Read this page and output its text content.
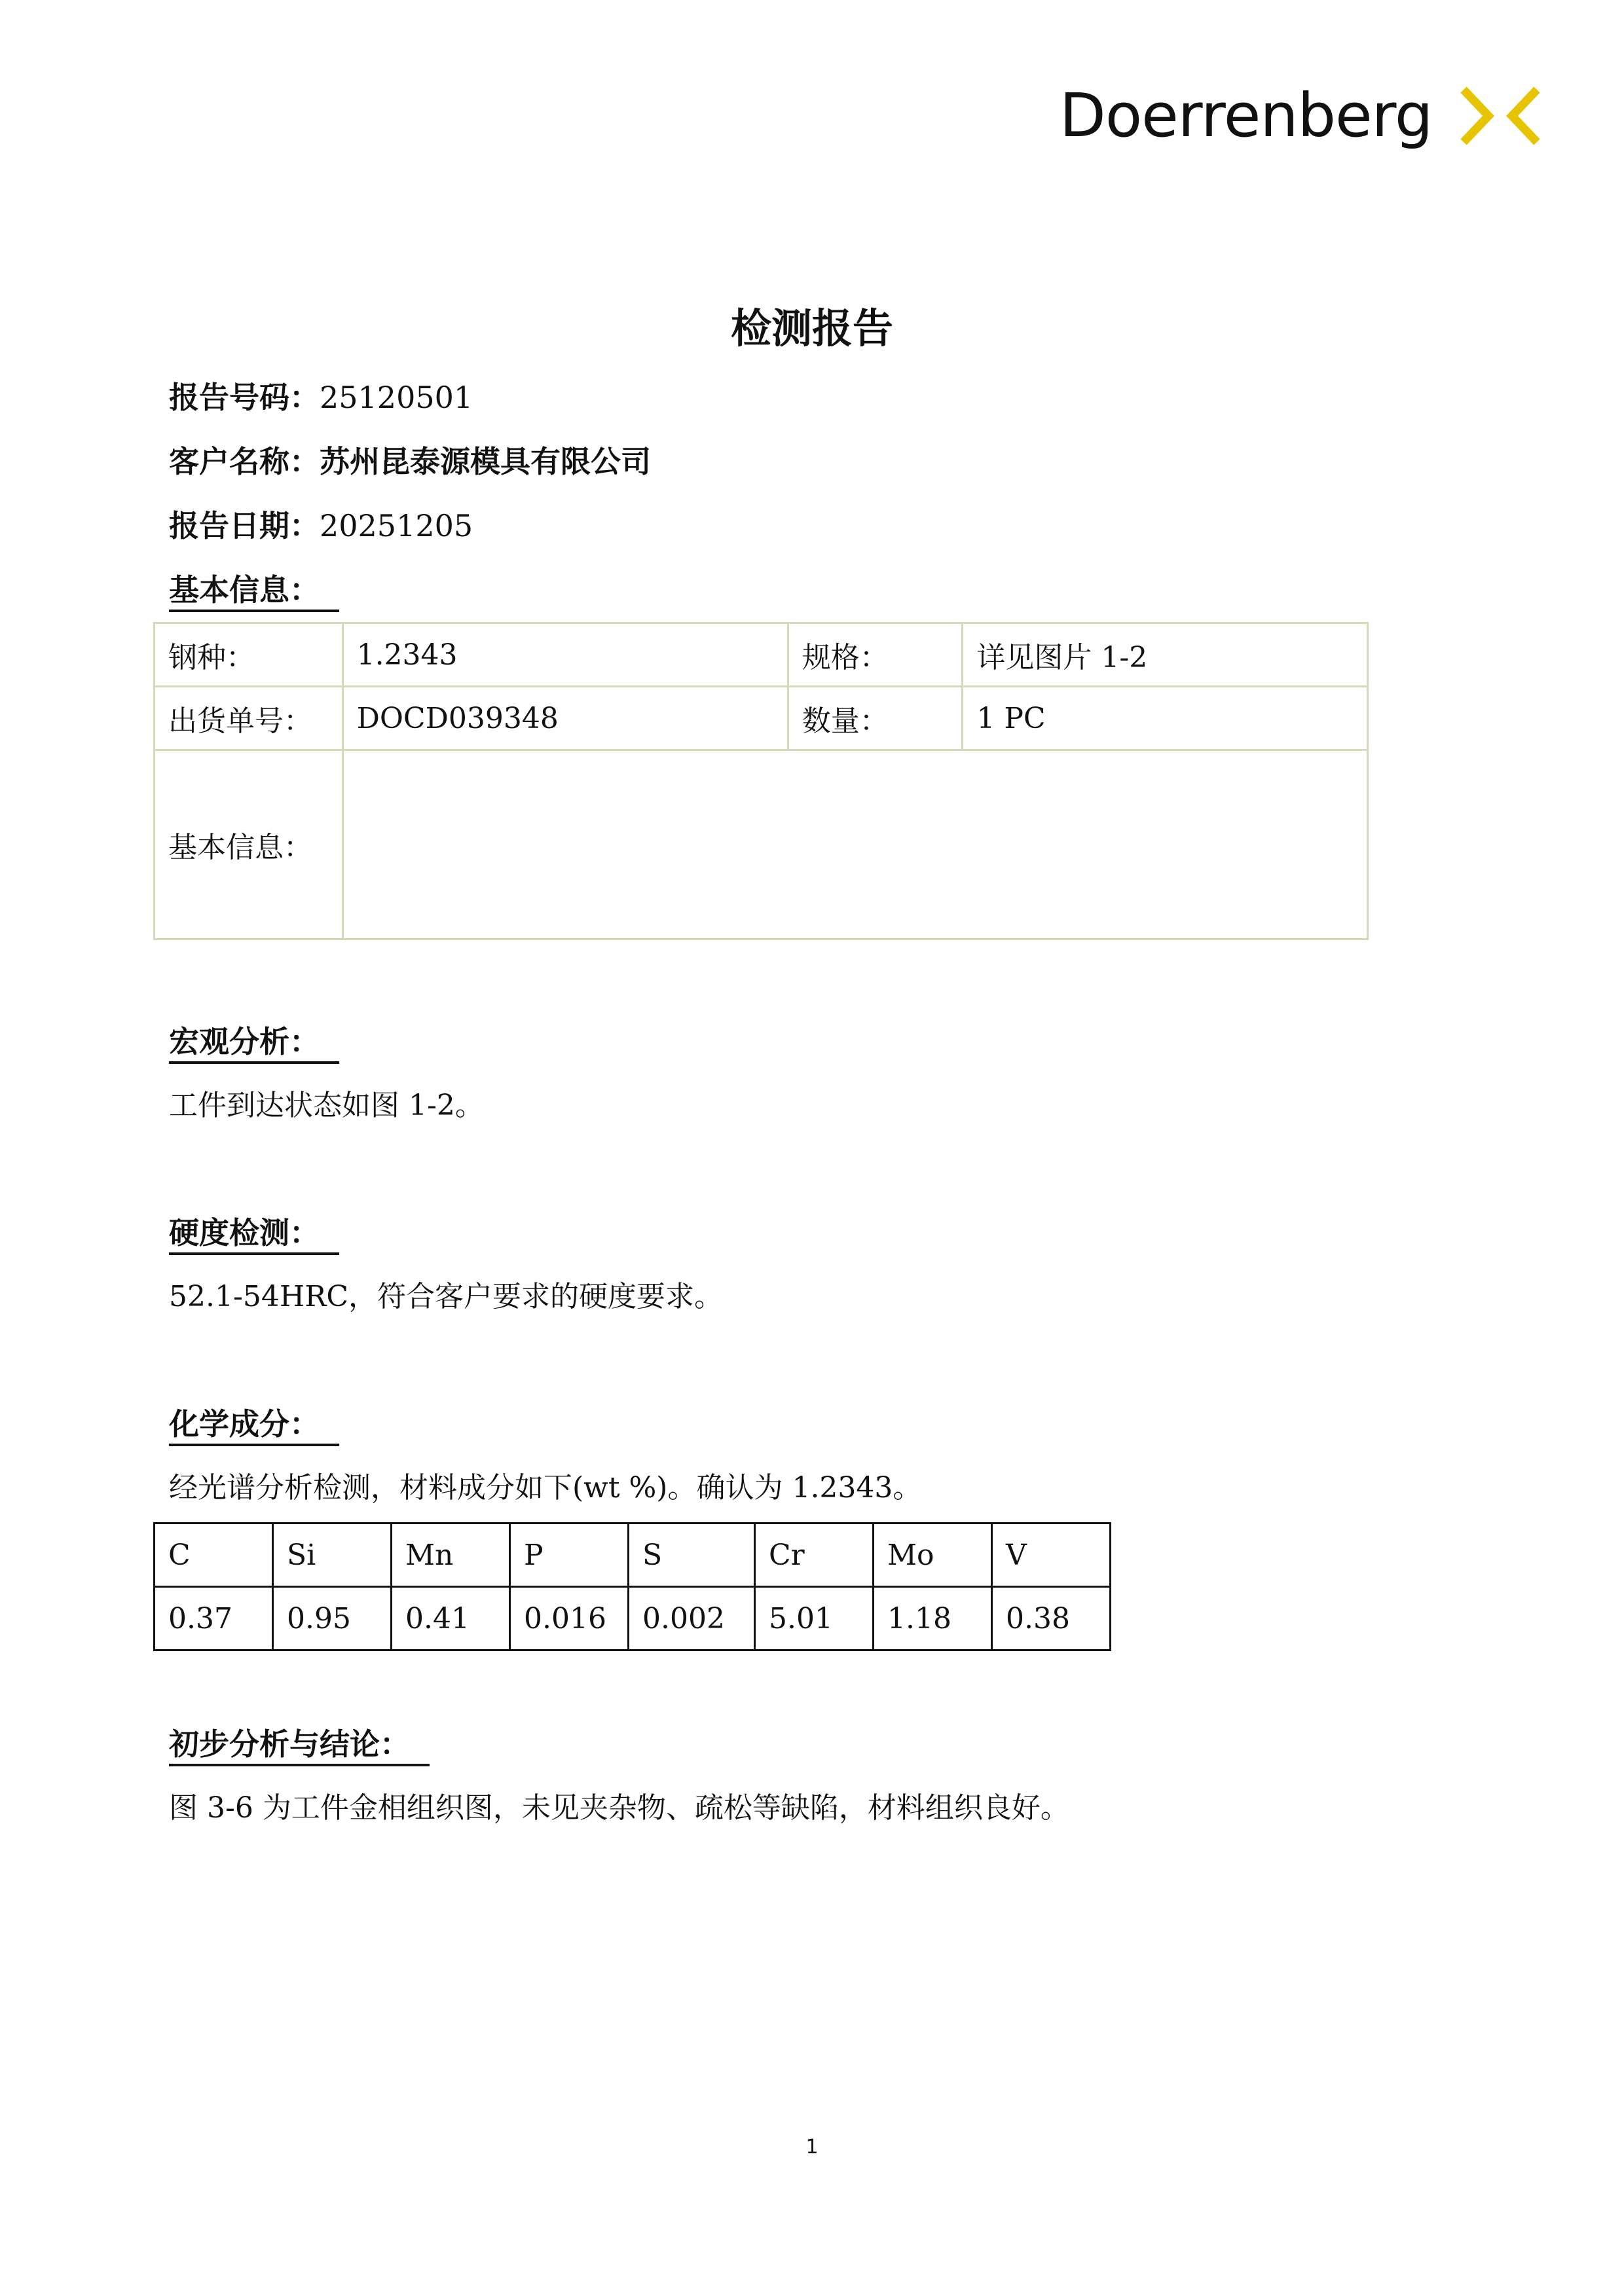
Doerrenberg
检测报告
报告号码：25120501
客户名称：苏州昆泰源模具有限公司
报告日期：20251205
基本信息：
钢种：	1.2343	规格：	详见图片 1-2
出货单号：	DOCD039348	数量：	1 PC
基本信息：			
宏观分析：
工件到达状态如图 1-2。
硬度检测：
52.1-54HRC，符合客户要求的硬度要求。
化学成分：
经光谱分析检测，材料成分如下(wt %)。确认为 1.2343。
C	Si	Mn	P	S	Cr	Mo	V
0.37	0.95	0.41	0.016	0.002	5.01	1.18	0.38
初步分析与结论：
图 3-6 为工件金相组织图，未见夹杂物、疏松等缺陷，材料组织良好。
1
